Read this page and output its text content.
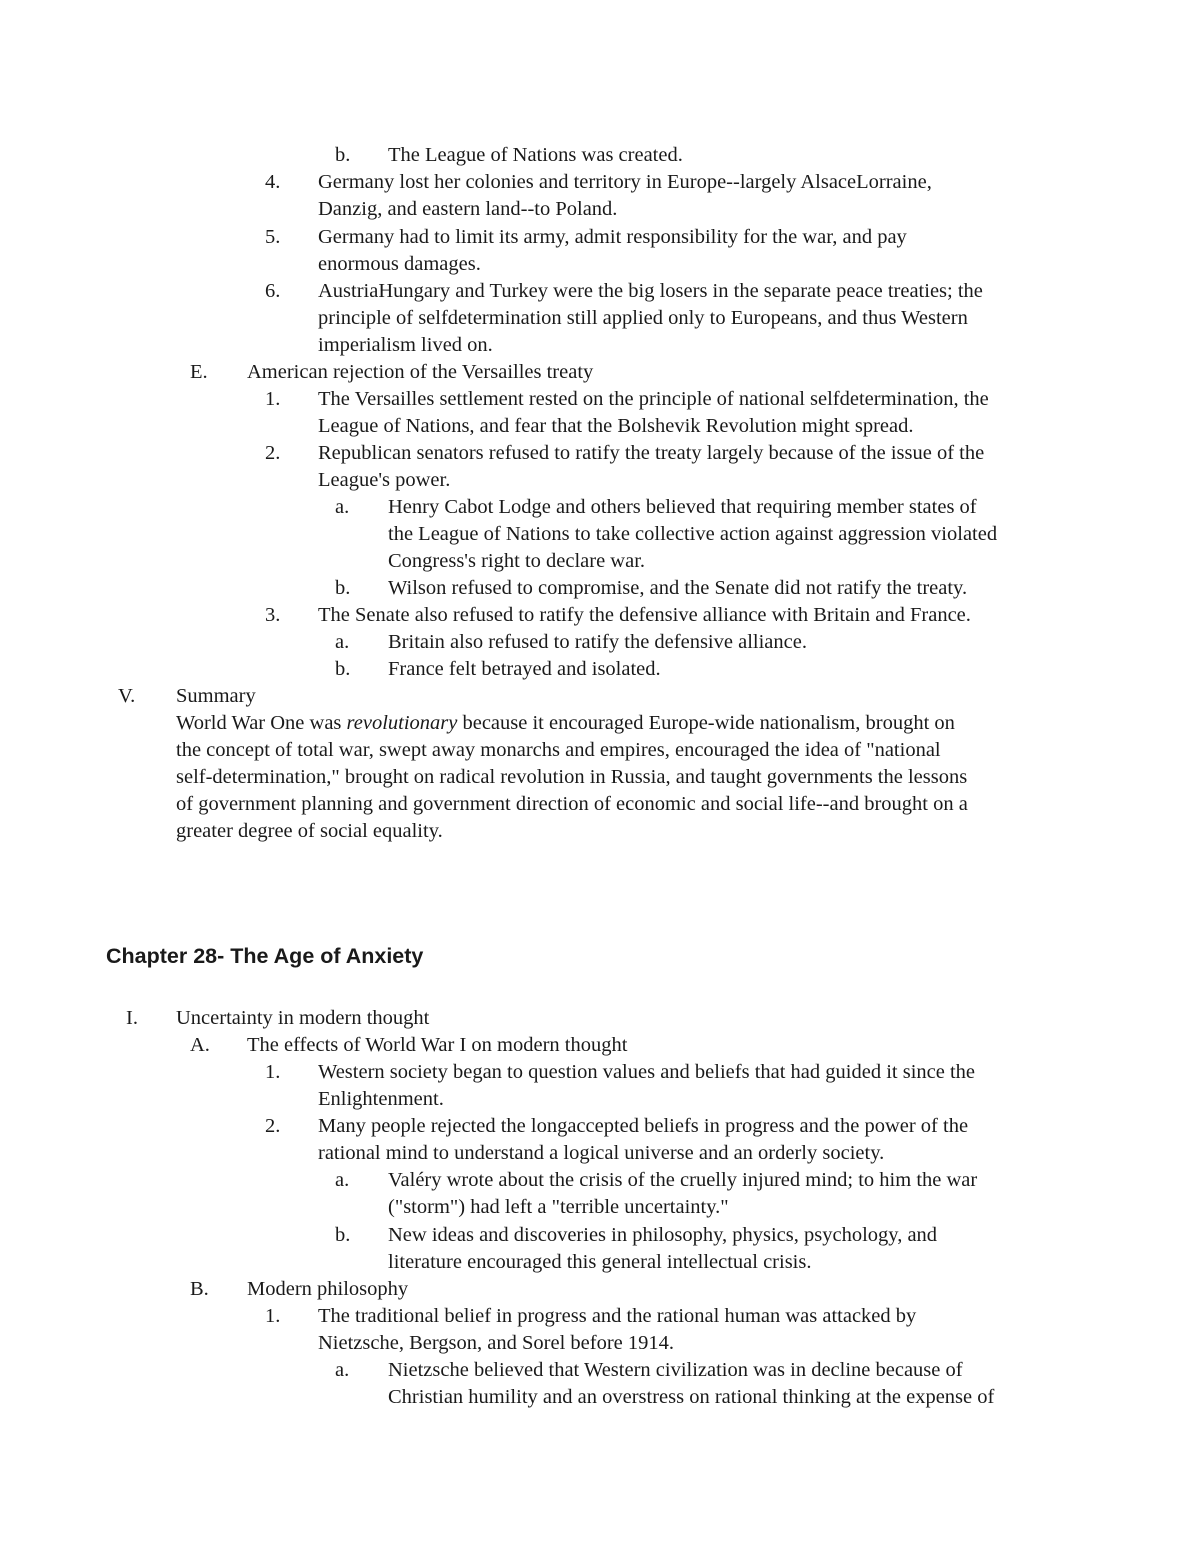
b. The League of Nations was created.
4. Germany lost her colonies and territory in Europe--largely AlsaceLorraine,
Danzig, and eastern land--to Poland.
5. Germany had to limit its army, admit responsibility for the war, and pay
enormous damages.
6. AustriaHungary and Turkey were the big losers in the separate peace treaties; the
principle of selfdetermination still applied only to Europeans, and thus Western
imperialism lived on.
E. American rejection of the Versailles treaty
1. The Versailles settlement rested on the principle of national selfdetermination, the
League of Nations, and fear that the Bolshevik Revolution might spread.
2. Republican senators refused to ratify the treaty largely because of the issue of the
League's power.
a. Henry Cabot Lodge and others believed that requiring member states of
the League of Nations to take collective action against aggression violated
Congress's right to declare war.
b. Wilson refused to compromise, and the Senate did not ratify the treaty.
3. The Senate also refused to ratify the defensive alliance with Britain and France.
a. Britain also refused to ratify the defensive alliance.
b. France felt betrayed and isolated.
V. Summary
World War One was revolutionary because it encouraged Europe-wide nationalism, brought on
the concept of total war, swept away monarchs and empires, encouraged the idea of "national
self-determination," brought on radical revolution in Russia, and taught governments the lessons
of government planning and government direction of economic and social life--and brought on a
greater degree of social equality.
Chapter 28- The Age of Anxiety
I. Uncertainty in modern thought
A. The effects of World War I on modern thought
1. Western society began to question values and beliefs that had guided it since the
Enlightenment.
2. Many people rejected the longaccepted beliefs in progress and the power of the
rational mind to understand a logical universe and an orderly society.
a. Valéry wrote about the crisis of the cruelly injured mind; to him the war
("storm") had left a "terrible uncertainty."
b. New ideas and discoveries in philosophy, physics, psychology, and
literature encouraged this general intellectual crisis.
B. Modern philosophy
1. The traditional belief in progress and the rational human was attacked by
Nietzsche, Bergson, and Sorel before 1914.
a. Nietzsche believed that Western civilization was in decline because of
Christian humility and an overstress on rational thinking at the expense of
